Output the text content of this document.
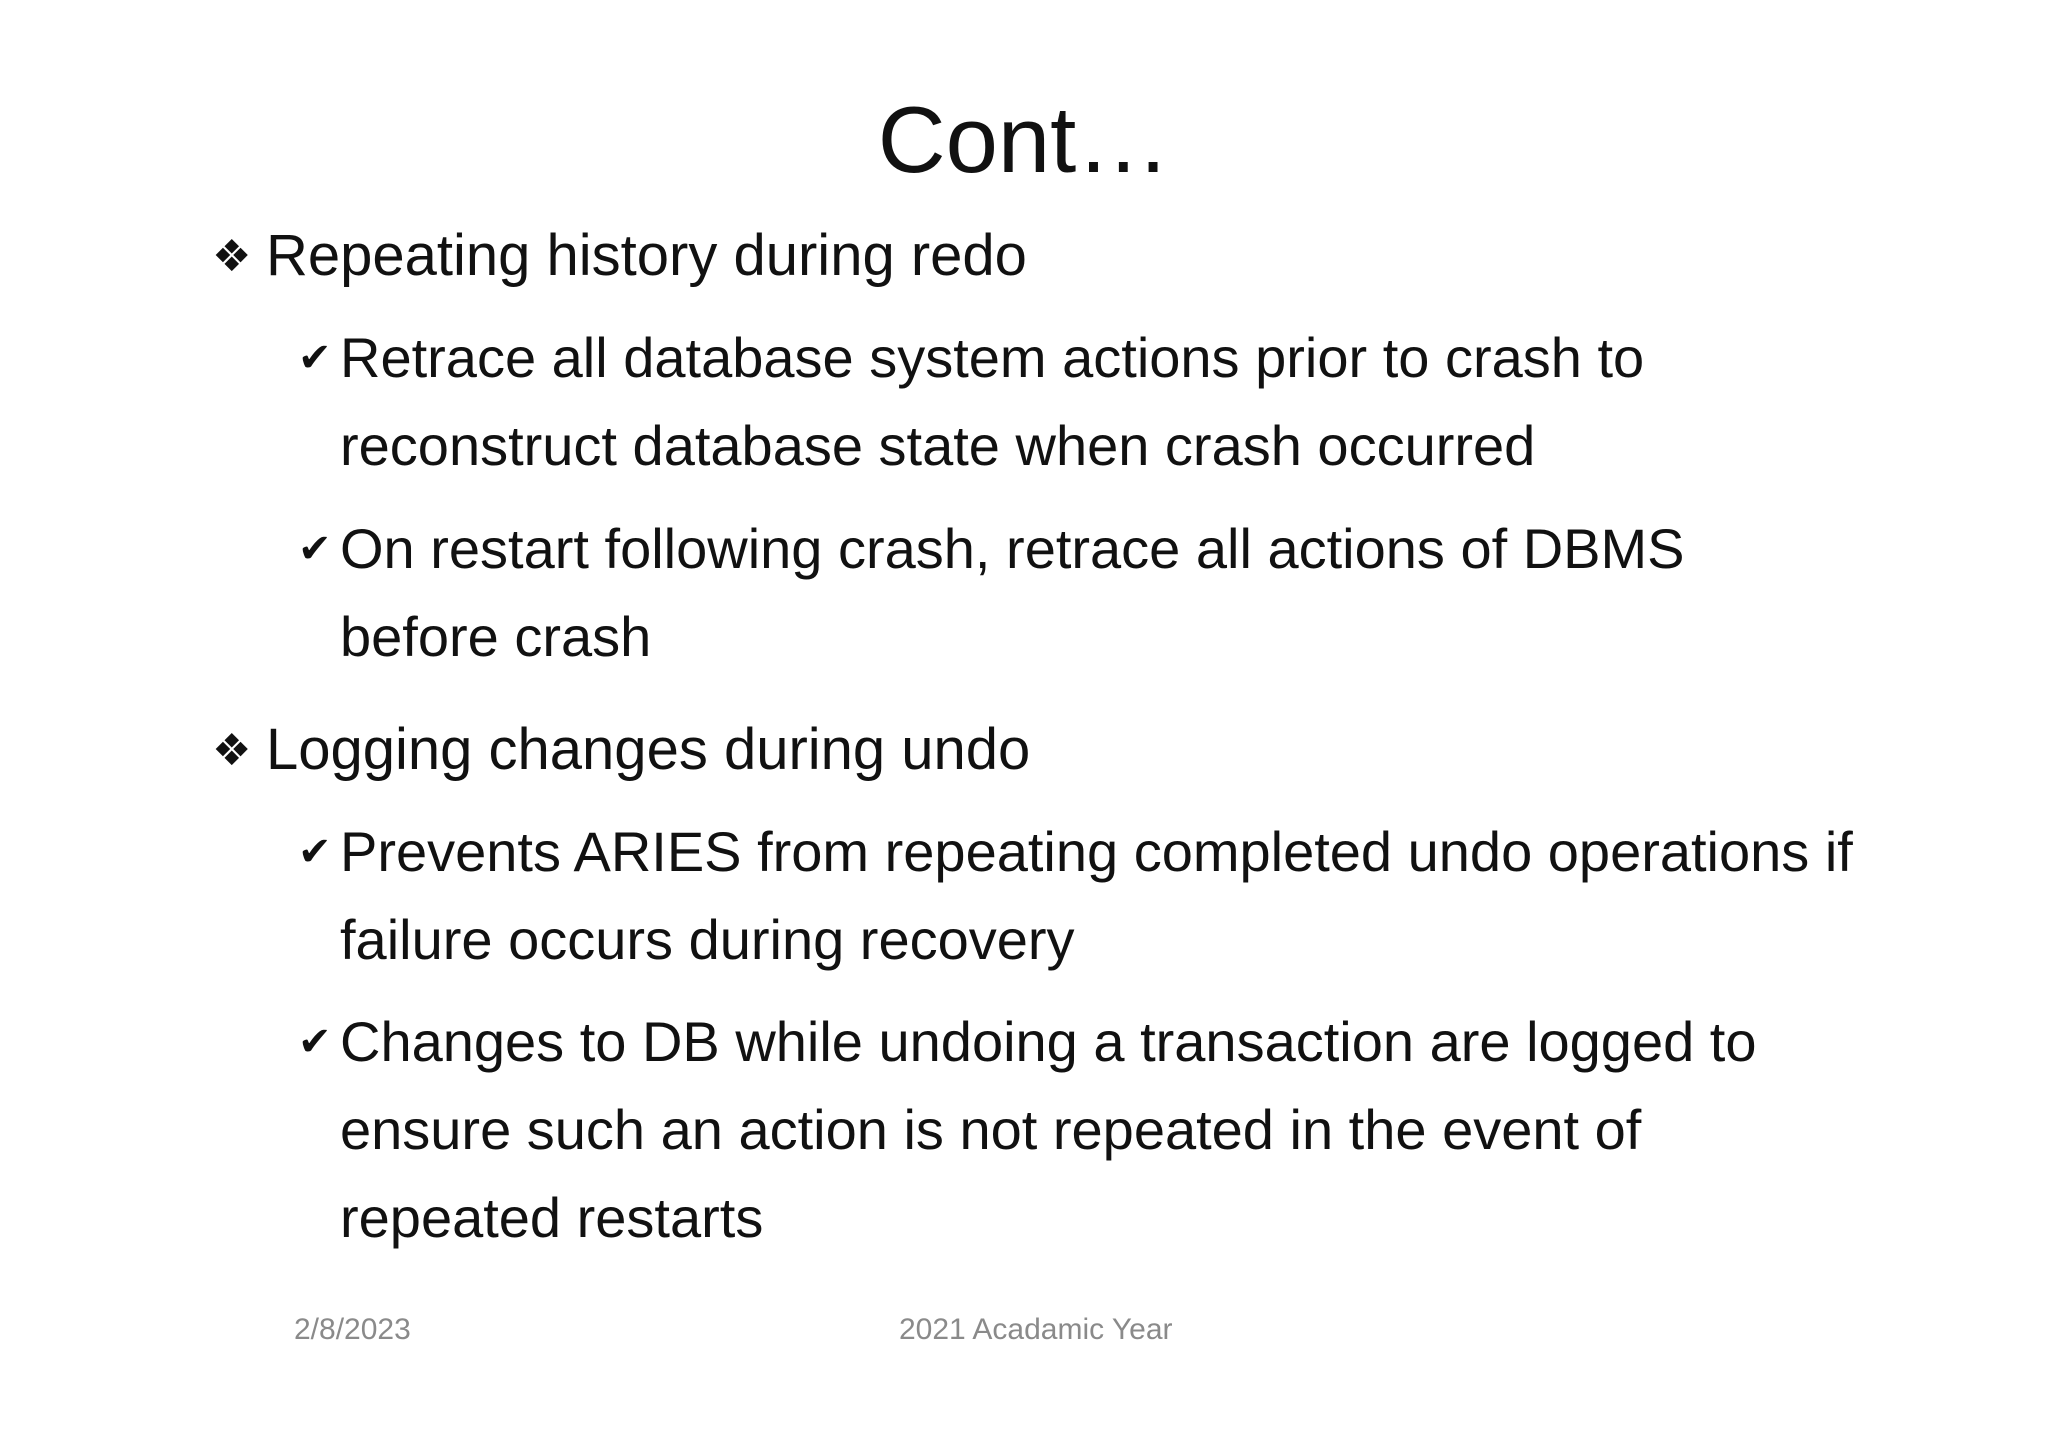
Cont…
❖ Repeating history during redo
✔ Retrace all database system actions prior to crash to reconstruct database state when crash occurred
✔ On restart following crash, retrace all actions of DBMS before crash
❖ Logging changes during undo
✔ Prevents ARIES from repeating completed undo operations if failure occurs during recovery
✔ Changes to DB while undoing a transaction are logged to ensure such an action is not repeated in the event of repeated restarts
2/8/2023	2021 Acadamic Year
